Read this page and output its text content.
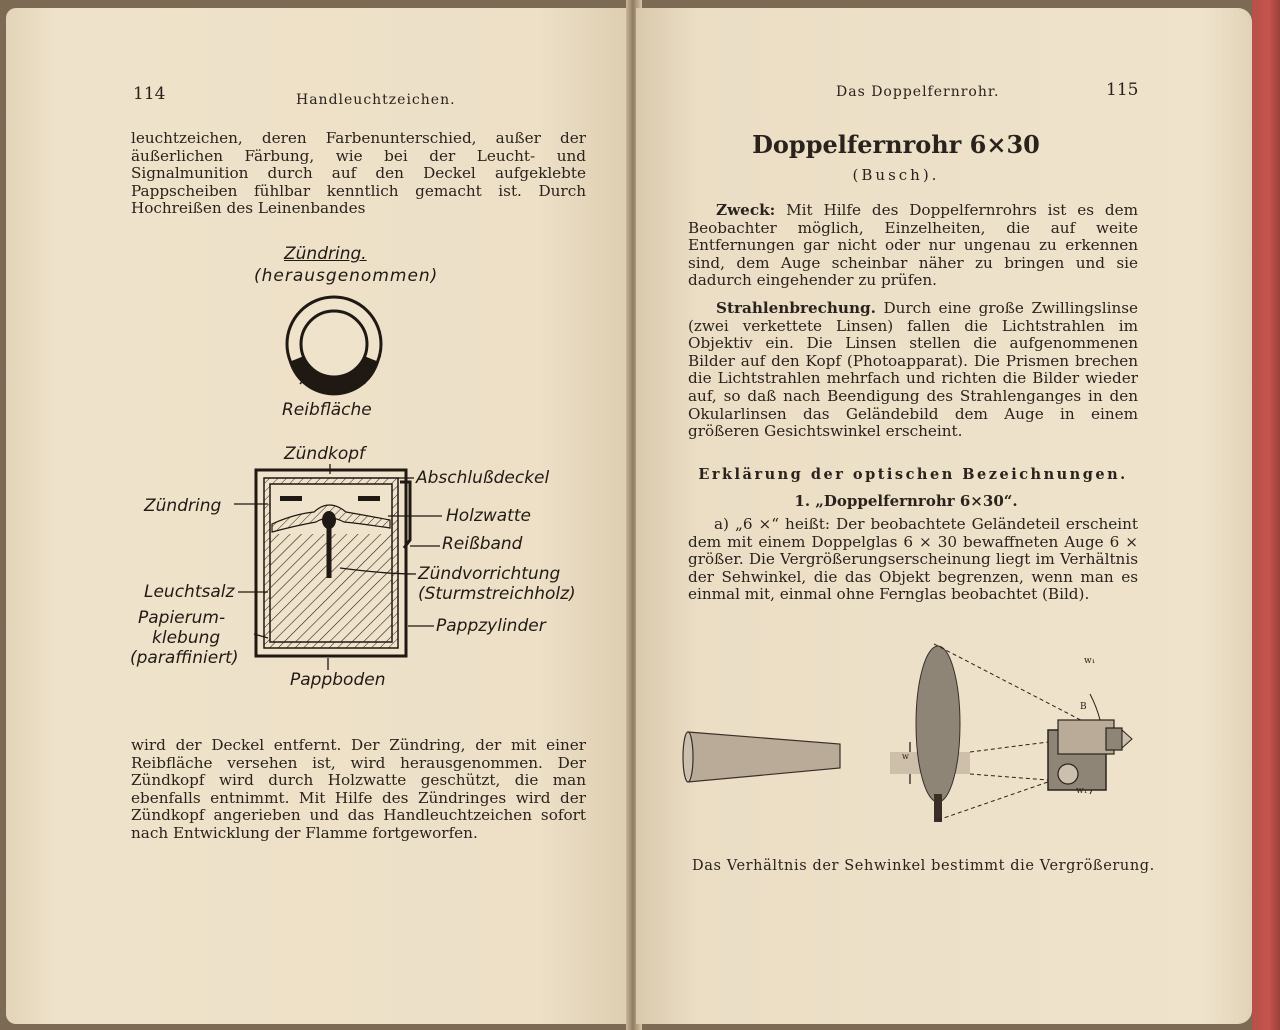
114	Handleuchtzeichen.
leuchtzeichen, deren Farbenunterschied, außer der äußerlichen Färbung, wie bei der Leucht- und Signalmunition durch auf den Deckel aufgeklebte Pappscheiben fühlbar kenntlich gemacht ist. Durch Hochreißen des Leinenbandes
Zündring.
(herausgenommen)
Reibfläche
Zündkopf
Abschlußdeckel
Zündring	Holzwatte
Reißband
Zündvorrichtung
(Sturmstreichholz)
Leuchtsalz
Papierum-
klebung
(paraffiniert)
Pappzylinder
Pappboden
wird der Deckel entfernt. Der Zündring, der mit einer Reibfläche versehen ist, wird herausgenommen. Der Zündkopf wird durch Holzwatte geschützt, die man ebenfalls entnimmt. Mit Hilfe des Zündringes wird der Zündkopf angerieben und das Handleuchtzeichen sofort nach Entwicklung der Flamme fortgeworfen.
Das Doppelfernrohr.	115
Doppelfernrohr 6×30
(Busch).
Zweck: Mit Hilfe des Doppelfernrohrs ist es dem Beobachter möglich, Einzelheiten, die auf weite Entfernungen gar nicht oder nur ungenau zu erkennen sind, dem Auge scheinbar näher zu bringen und sie dadurch eingehender zu prüfen.
Strahlenbrechung. Durch eine große Zwillingslinse (zwei verkettete Linsen) fallen die Lichtstrahlen im Objektiv ein. Die Linsen stellen die aufgenommenen Bilder auf den Kopf (Photoapparat). Die Prismen brechen die Lichtstrahlen mehrfach und richten die Bilder wieder auf, so daß nach Beendigung des Strahlenganges in den Okularlinsen das Geländebild dem Auge in einem größeren Gesichtswinkel erscheint.
Erklärung der optischen Bezeichnungen.
1. „Doppelfernrohr 6×30“.
a) „6 ×“ heißt: Der beobachtete Geländeteil erscheint dem mit einem Doppelglas 6 × 30 bewaffneten Auge 6 × größer. Die Vergrößerungserscheinung liegt im Verhältnis der Sehwinkel, die das Objekt begrenzen, wenn man es einmal mit, einmal ohne Fernglas beobachtet (Bild).
w₁
B
w
w₁
Das Verhältnis der Sehwinkel bestimmt die Vergrößerung.
